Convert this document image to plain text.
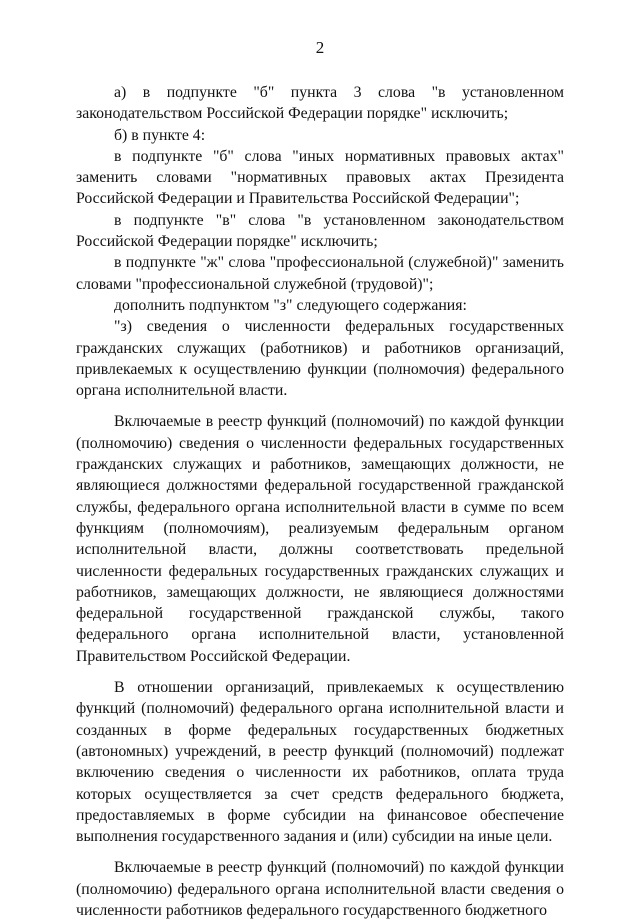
2

а) в подпункте "б" пункта 3 слова "в установленном законодательством Российской Федерации порядке" исключить;

б) в пункте 4:

в подпункте "б" слова "иных нормативных правовых актах" заменить словами "нормативных правовых актах Президента Российской Федерации и Правительства Российской Федерации";

в подпункте "в" слова "в установленном законодательством Российской Федерации порядке" исключить;

в подпункте "ж" слова "профессиональной (служебной)" заменить словами "профессиональной служебной (трудовой)";

дополнить подпунктом "з" следующего содержания:

"з) сведения о численности федеральных государственных гражданских служащих (работников) и работников организаций, привлекаемых к осуществлению функции (полномочия) федерального органа исполнительной власти.

Включаемые в реестр функций (полномочий) по каждой функции (полномочию) сведения о численности федеральных государственных гражданских служащих и работников, замещающих должности, не являющиеся должностями федеральной государственной гражданской службы, федерального органа исполнительной власти в сумме по всем функциям (полномочиям), реализуемым федеральным органом исполнительной власти, должны соответствовать предельной численности федеральных государственных гражданских служащих и работников, замещающих должности, не являющиеся должностями федеральной государственной гражданской службы, такого федерального органа исполнительной власти, установленной Правительством Российской Федерации.

В отношении организаций, привлекаемых к осуществлению функций (полномочий) федерального органа исполнительной власти и созданных в форме федеральных государственных бюджетных (автономных) учреждений, в реестр функций (полномочий) подлежат включению сведения о численности их работников, оплата труда которых осуществляется за счет средств федерального бюджета, предоставляемых в форме субсидии на финансовое обеспечение выполнения государственного задания и (или) субсидии на иные цели.

Включаемые в реестр функций (полномочий) по каждой функции (полномочию) федерального органа исполнительной власти сведения о численности работников федерального государственного бюджетного
